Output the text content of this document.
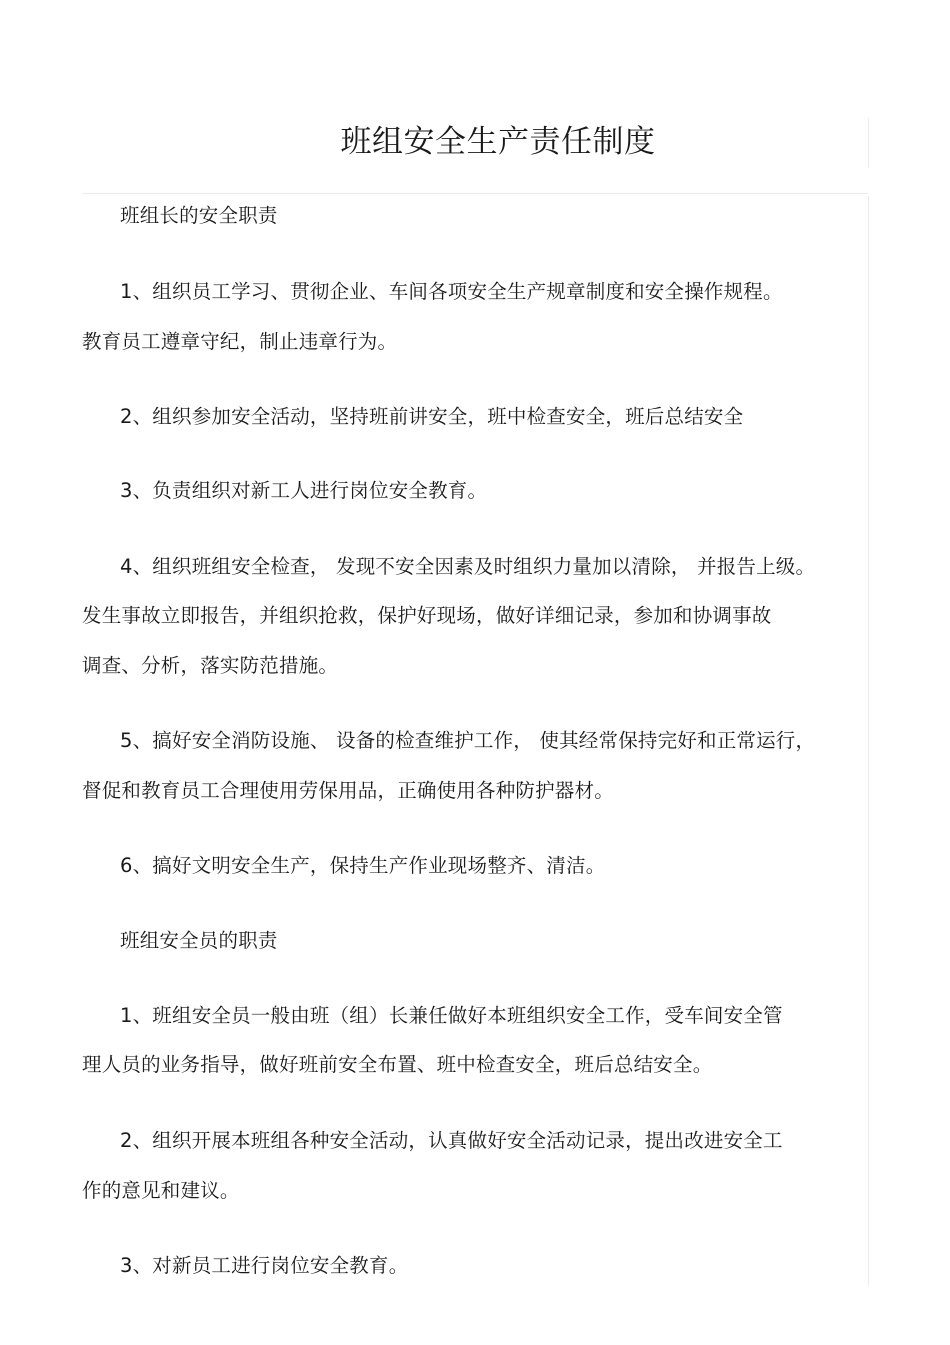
班组安全生产责任制度
班组长的安全职责
1、组织员工学习、贯彻企业、车间各项安全生产规章制度和安全操作规程。
教育员工遵章守纪，制止违章行为。
2、组织参加安全活动，坚持班前讲安全，班中检查安全，班后总结安全
3、负责组织对新工人进行岗位安全教育。
4、组织班组安全检查， 发现不安全因素及时组织力量加以清除， 并报告上级。
发生事故立即报告，并组织抢救，保护好现场，做好详细记录，参加和协调事故
调查、分析，落实防范措施。
5、搞好安全消防设施、 设备的检查维护工作， 使其经常保持完好和正常运行，
督促和教育员工合理使用劳保用品，正确使用各种防护器材。
6、搞好文明安全生产，保持生产作业现场整齐、清洁。
班组安全员的职责
1、班组安全员一般由班（组）长兼任做好本班组织安全工作，受车间安全管
理人员的业务指导，做好班前安全布置、班中检查安全，班后总结安全。
2、组织开展本班组各种安全活动，认真做好安全活动记录，提出改进安全工
作的意见和建议。
3、对新员工进行岗位安全教育。
